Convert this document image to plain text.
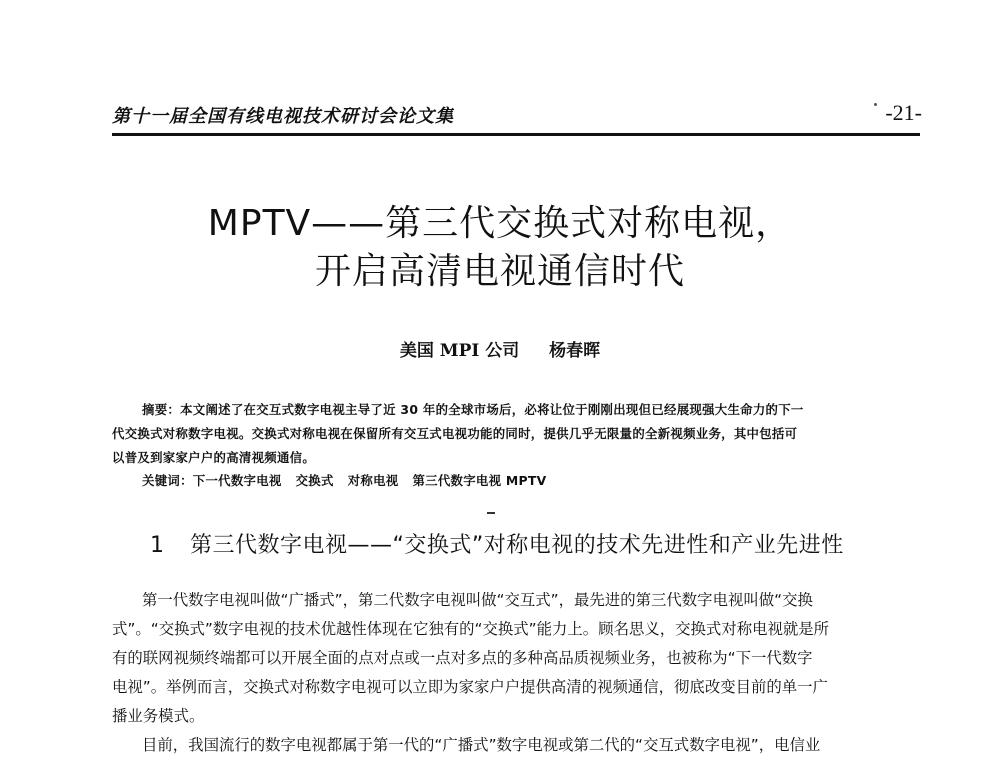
第十一届全国有线电视技术研讨会论文集	-21-
MPTV——第三代交换式对称电视，
开启高清电视通信时代
美国 MPI 公司 杨春晖
摘要：本文阐述了在交互式数字电视主导了近 30 年的全球市场后，必将让位于刚刚出现但已经展现强大生命力的下一
代交换式对称数字电视。交换式对称电视在保留所有交互式电视功能的同时，提供几乎无限量的全新视频业务，其中包括可
以普及到家家户户的高清视频通信。
关键词：下一代数字电视 交换式 对称电视 第三代数字电视 MPTV
1 第三代数字电视——“交换式”对称电视的技术先进性和产业先进性
第一代数字电视叫做“广播式”，第二代数字电视叫做“交互式”，最先进的第三代数字电视叫做“交换
式”。“交换式”数字电视的技术优越性体现在它独有的“交换式”能力上。顾名思义，交换式对称电视就是所
有的联网视频终端都可以开展全面的点对点或一点对多点的多种高品质视频业务，也被称为“下一代数字
电视”。举例而言，交换式对称数字电视可以立即为家家户户提供高清的视频通信，彻底改变目前的单一广
播业务模式。
目前，我国流行的数字电视都属于第一代的“广播式”数字电视或第二代的“交互式数字电视”，电信业
